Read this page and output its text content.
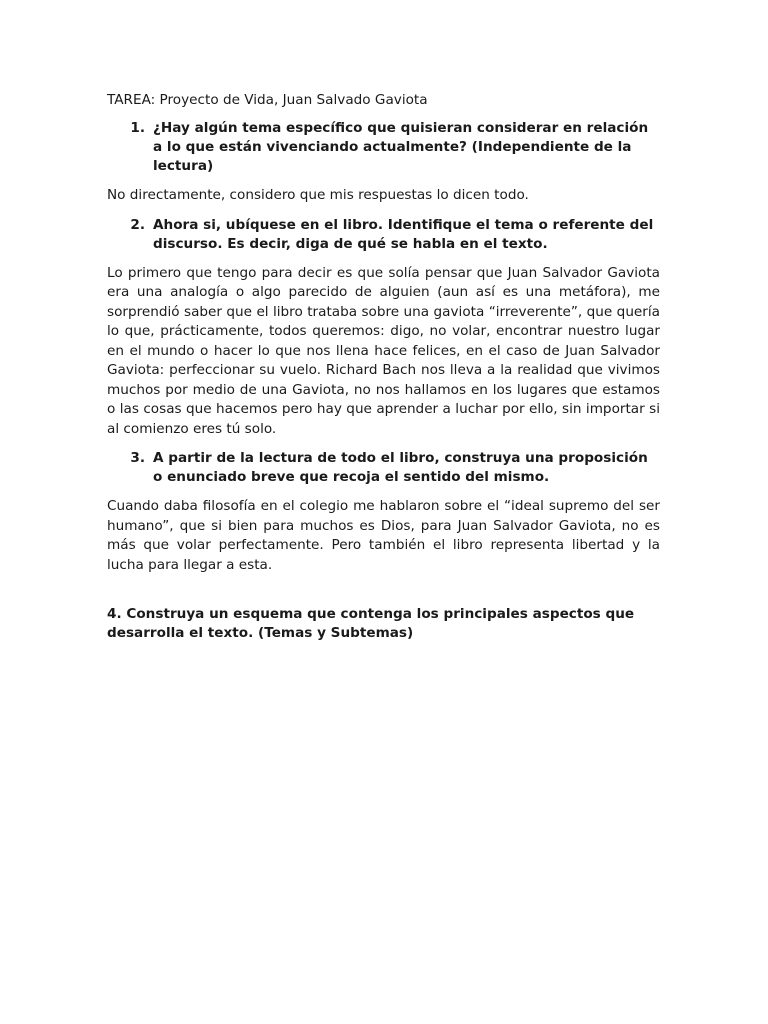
TAREA: Proyecto de Vida, Juan Salvado Gaviota
1. ¿Hay algún tema específico que quisieran considerar en relación a lo que están vivenciando actualmente? (Independiente de la lectura)
No directamente, considero que mis respuestas lo dicen todo.
2. Ahora si, ubíquese en el libro. Identifique el tema o referente del discurso. Es decir, diga de qué se habla en el texto.
Lo primero que tengo para decir es que solía pensar que Juan Salvador Gaviota era una analogía o algo parecido de alguien (aun así es una metáfora), me sorprendió saber que el libro trataba sobre una gaviota “irreverente”, que quería lo que, prácticamente, todos queremos: digo, no volar, encontrar nuestro lugar en el mundo o hacer lo que nos llena hace felices, en el caso de Juan Salvador Gaviota: perfeccionar su vuelo. Richard Bach nos lleva a la realidad que vivimos muchos por medio de una Gaviota, no nos hallamos en los lugares que estamos o las cosas que hacemos pero hay que aprender a luchar por ello, sin importar si al comienzo eres tú solo.
3. A partir de la lectura de todo el libro, construya una proposición o enunciado breve que recoja el sentido del mismo.
Cuando daba filosofía en el colegio me hablaron sobre el “ideal supremo del ser humano”, que si bien para muchos es Dios, para Juan Salvador Gaviota, no es más que volar perfectamente. Pero también el libro representa libertad y la lucha para llegar a esta.
4. Construya un esquema que contenga los principales aspectos que desarrolla el texto. (Temas y Subtemas)
